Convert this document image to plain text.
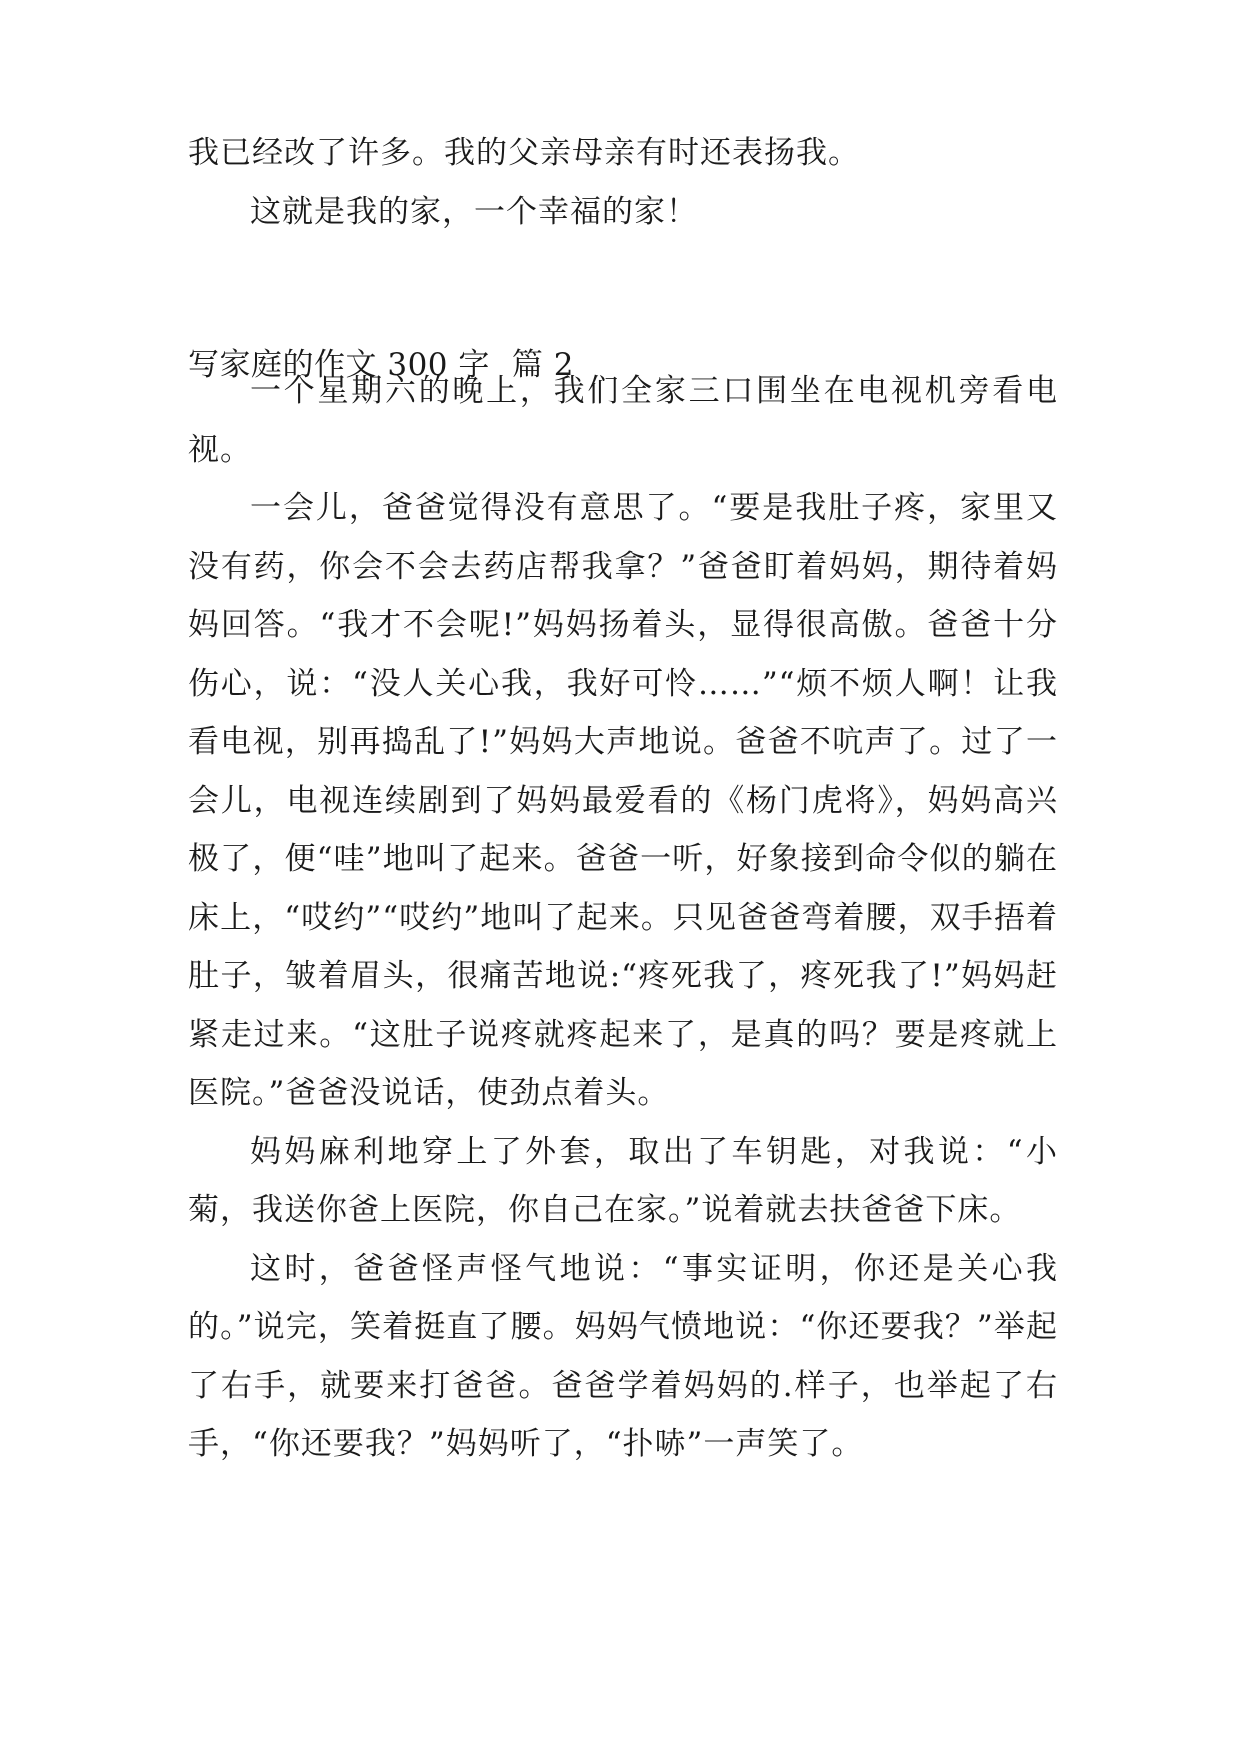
我已经改了许多。我的父亲母亲有时还表扬我。

这就是我的家，一个幸福的家！

写家庭的作文 300 字 篇 2

一个星期六的晚上，我们全家三口围坐在电视机旁看电视。

一会儿，爸爸觉得没有意思了。“要是我肚子疼，家里又没有药，你会不会去药店帮我拿？”爸爸盯着妈妈，期待着妈妈回答。“我才不会呢!”妈妈扬着头，显得很高傲。爸爸十分伤心，说：“没人关心我，我好可怜……”“烦不烦人啊！让我看电视，别再捣乱了!”妈妈大声地说。爸爸不吭声了。过了一会儿，电视连续剧到了妈妈最爱看的《杨门虎将》，妈妈高兴极了，便“哇”地叫了起来。爸爸一听，好象接到命令似的躺在床上，“哎约”“哎约”地叫了起来。只见爸爸弯着腰，双手捂着肚子，皱着眉头，很痛苦地说:“疼死我了，疼死我了!”妈妈赶紧走过来。“这肚子说疼就疼起来了，是真的吗？要是疼就上医院。”爸爸没说话，使劲点着头。

妈妈麻利地穿上了外套，取出了车钥匙，对我说：“小菊，我送你爸上医院，你自己在家。”说着就去扶爸爸下床。

这时，爸爸怪声怪气地说：“事实证明，你还是关心我的。”说完，笑着挺直了腰。妈妈气愤地说：“你还要我？”举起了右手，就要来打爸爸。爸爸学着妈妈的.样子，也举起了右手，“你还要我？”妈妈听了，“扑哧”一声笑了。
